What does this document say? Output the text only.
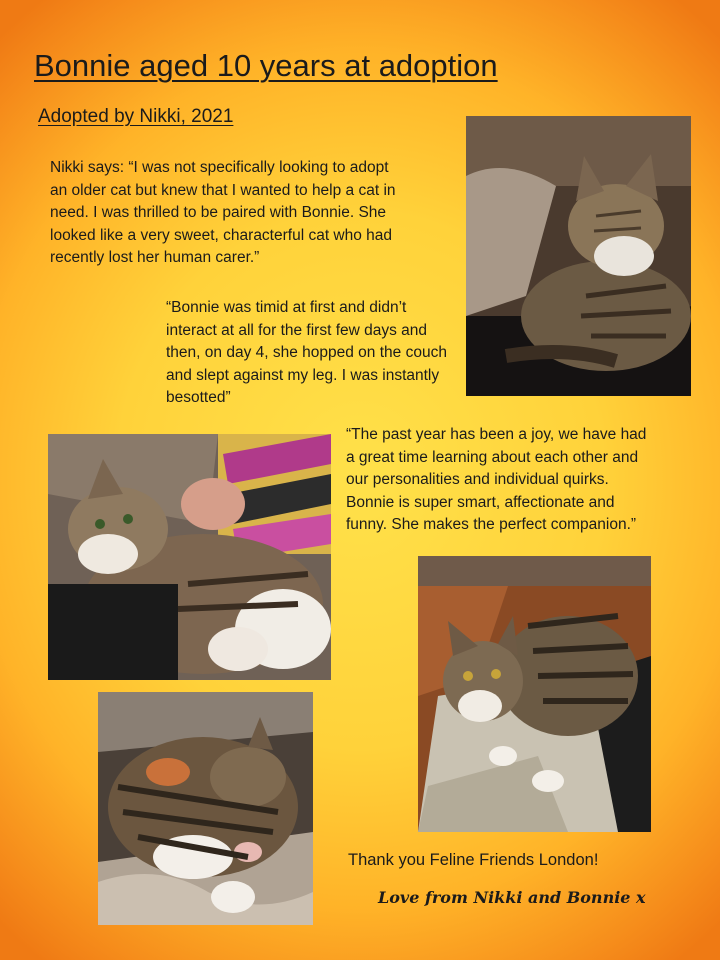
Bonnie aged 10 years at adoption
Adopted by Nikki, 2021

Nikki says: “I was not specifically looking to adopt an older cat but knew that I wanted to help a cat in need. I was thrilled to be paired with Bonnie. She looked like a very sweet, characterful cat who had recently lost her human carer.”

“Bonnie was timid at first and didn’t interact at all for the first few days and then, on day 4, she hopped on the couch and slept against my leg. I was instantly besotted”

“The past year has been a joy, we have had a great time learning about each other and our personalities and individual quirks. Bonnie is super smart, affectionate and funny. She makes the perfect companion.”

Thank you Feline Friends London!

Love from Nikki and Bonnie x
